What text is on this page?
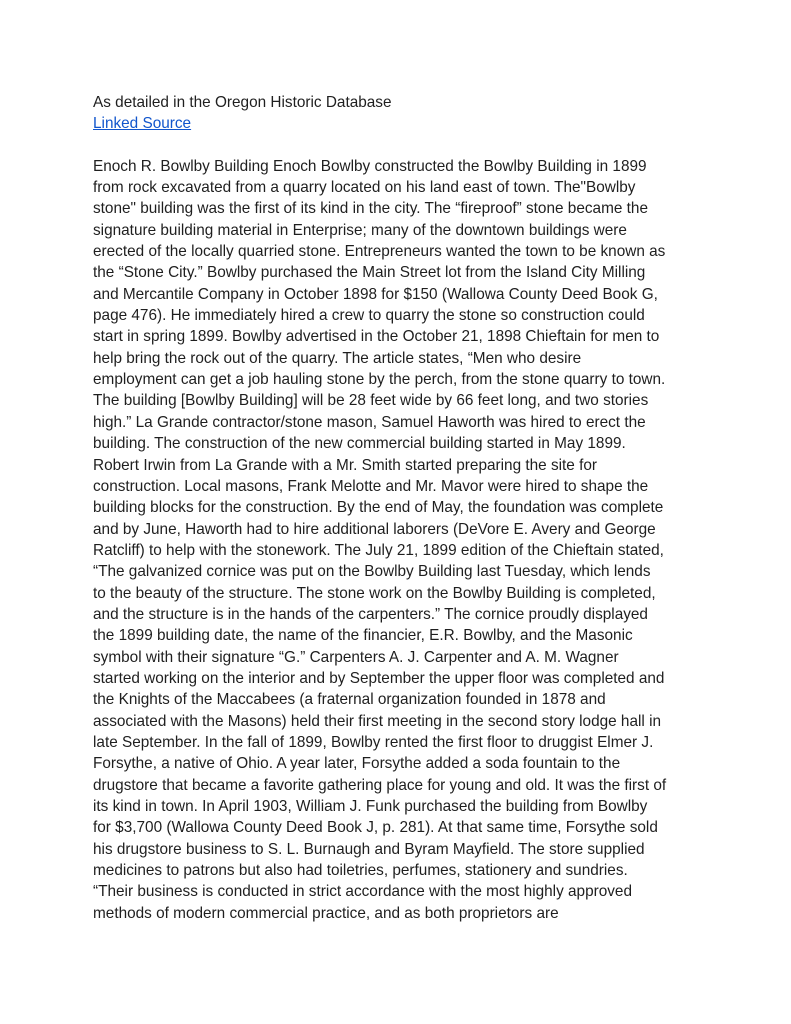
As detailed in the Oregon Historic Database

Linked Source

Enoch R. Bowlby Building Enoch Bowlby constructed the Bowlby Building in 1899
from rock excavated from a quarry located on his land east of town. The"Bowlby
stone" building was the first of its kind in the city. The “fireproof” stone became the
signature building material in Enterprise; many of the downtown buildings were
erected of the locally quarried stone. Entrepreneurs wanted the town to be known as
the “Stone City.” Bowlby purchased the Main Street lot from the Island City Milling
and Mercantile Company in October 1898 for $150 (Wallowa County Deed Book G,
page 476). He immediately hired a crew to quarry the stone so construction could
start in spring 1899. Bowlby advertised in the October 21, 1898 Chieftain for men to
help bring the rock out of the quarry. The article states, “Men who desire
employment can get a job hauling stone by the perch, from the stone quarry to town.
The building [Bowlby Building] will be 28 feet wide by 66 feet long, and two stories
high.” La Grande contractor/stone mason, Samuel Haworth was hired to erect the
building. The construction of the new commercial building started in May 1899.
Robert Irwin from La Grande with a Mr. Smith started preparing the site for
construction. Local masons, Frank Melotte and Mr. Mavor were hired to shape the
building blocks for the construction. By the end of May, the foundation was complete
and by June, Haworth had to hire additional laborers (DeVore E. Avery and George
Ratcliff) to help with the stonework. The July 21, 1899 edition of the Chieftain stated,
“The galvanized cornice was put on the Bowlby Building last Tuesday, which lends
to the beauty of the structure. The stone work on the Bowlby Building is completed,
and the structure is in the hands of the carpenters.” The cornice proudly displayed
the 1899 building date, the name of the financier, E.R. Bowlby, and the Masonic
symbol with their signature “G.” Carpenters A. J. Carpenter and A. M. Wagner
started working on the interior and by September the upper floor was completed and
the Knights of the Maccabees (a fraternal organization founded in 1878 and
associated with the Masons) held their first meeting in the second story lodge hall in
late September. In the fall of 1899, Bowlby rented the first floor to druggist Elmer J.
Forsythe, a native of Ohio. A year later, Forsythe added a soda fountain to the
drugstore that became a favorite gathering place for young and old. It was the first of
its kind in town. In April 1903, William J. Funk purchased the building from Bowlby
for $3,700 (Wallowa County Deed Book J, p. 281). At that same time, Forsythe sold
his drugstore business to S. L. Burnaugh and Byram Mayfield. The store supplied
medicines to patrons but also had toiletries, perfumes, stationery and sundries.
“Their business is conducted in strict accordance with the most highly approved
methods of modern commercial practice, and as both proprietors are
